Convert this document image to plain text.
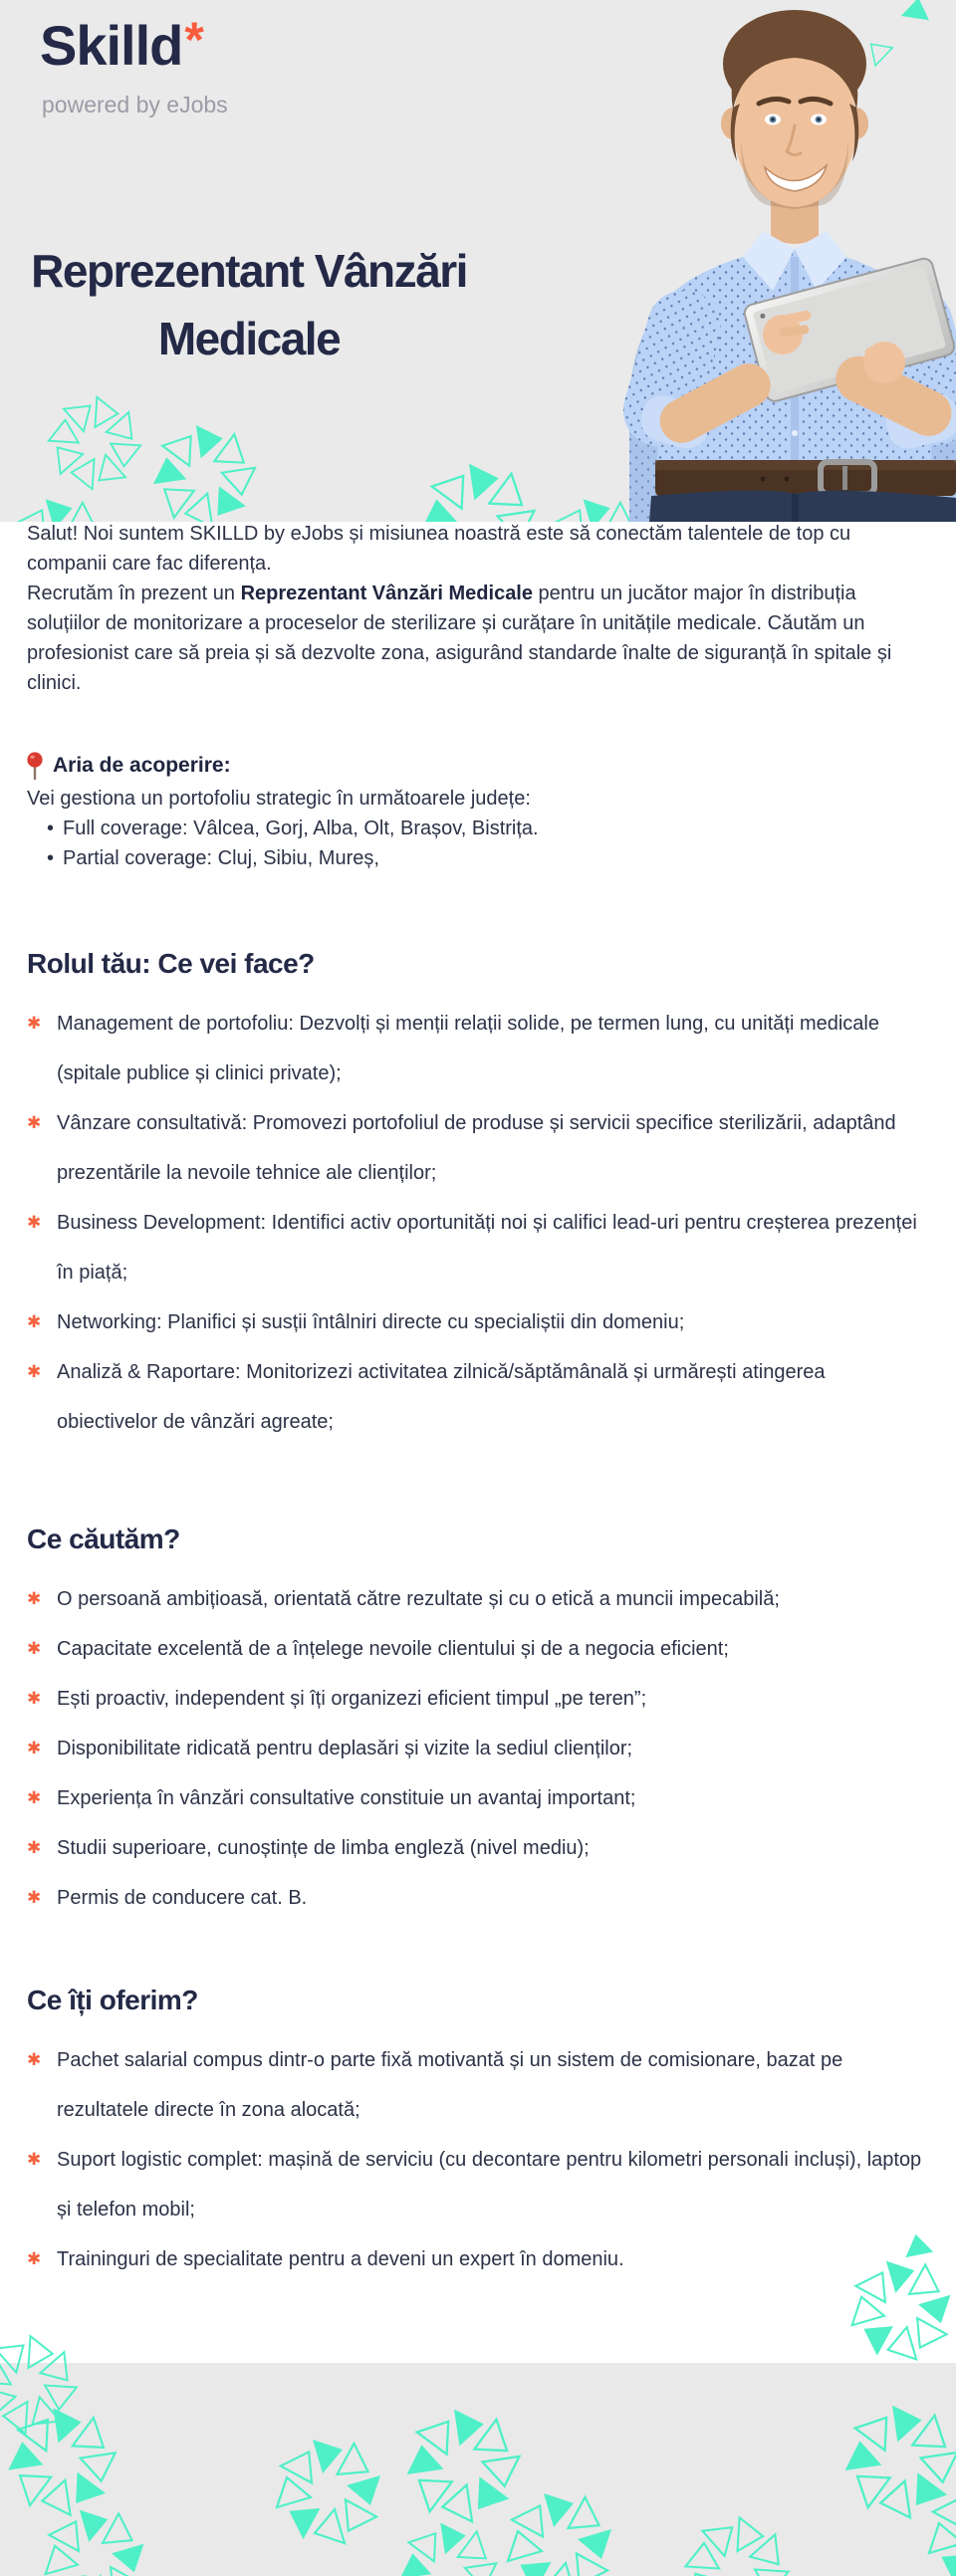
Skilld*
powered by eJobs
Reprezentant Vânzări
Medicale

Salut! Noi suntem SKILLD by eJobs și misiunea noastră este să conectăm talentele de top cu companii care fac diferența.

Recrutăm în prezent un Reprezentant Vânzări Medicale pentru un jucător major în distribuția soluțiilor de monitorizare a proceselor de sterilizare și curățare în unitățile medicale. Căutăm un profesionist care să preia și să dezvolte zona, asigurând standarde înalte de siguranță în spitale și clinici.

Aria de acoperire:

Vei gestiona un portofoliu strategic în următoarele județe:

• Full coverage: Vâlcea, Gorj, Alba, Olt, Brașov, Bistrița.
• Partial coverage: Cluj, Sibiu, Mureș,
Rolul tău: Ce vei face?
✱ Management de portofoliu: Dezvolți și menții relații solide, pe termen lung, cu unități medicale (spitale publice și clinici private);
✱ Vânzare consultativă: Promovezi portofoliul de produse și servicii specifice sterilizării, adaptând prezentările la nevoile tehnice ale clienților;
✱ Business Development: Identifici activ oportunități noi și califici lead-uri pentru creșterea prezenței în piață;
✱ Networking: Planifici și susții întâlniri directe cu specialiștii din domeniu;
✱ Analiză & Raportare: Monitorizezi activitatea zilnică/săptămânală și urmărești atingerea obiectivelor de vânzări agreate;
Ce căutăm?
✱ O persoană ambițioasă, orientată către rezultate și cu o etică a muncii impecabilă;
✱ Capacitate excelentă de a înțelege nevoile clientului și de a negocia eficient;
✱ Ești proactiv, independent și îți organizezi eficient timpul „pe teren”;
✱ Disponibilitate ridicată pentru deplasări și vizite la sediul clienților;
✱ Experiența în vânzări consultative constituie un avantaj important;
✱ Studii superioare, cunoștințe de limba engleză (nivel mediu);
✱ Permis de conducere cat. B.
Ce îți oferim?
✱ Pachet salarial compus dintr-o parte fixă motivantă și un sistem de comisionare, bazat pe rezultatele directe în zona alocată;
✱ Suport logistic complet: mașină de serviciu (cu decontare pentru kilometri personali incluși), laptop și telefon mobil;
✱ Traininguri de specialitate pentru a deveni un expert în domeniu.
